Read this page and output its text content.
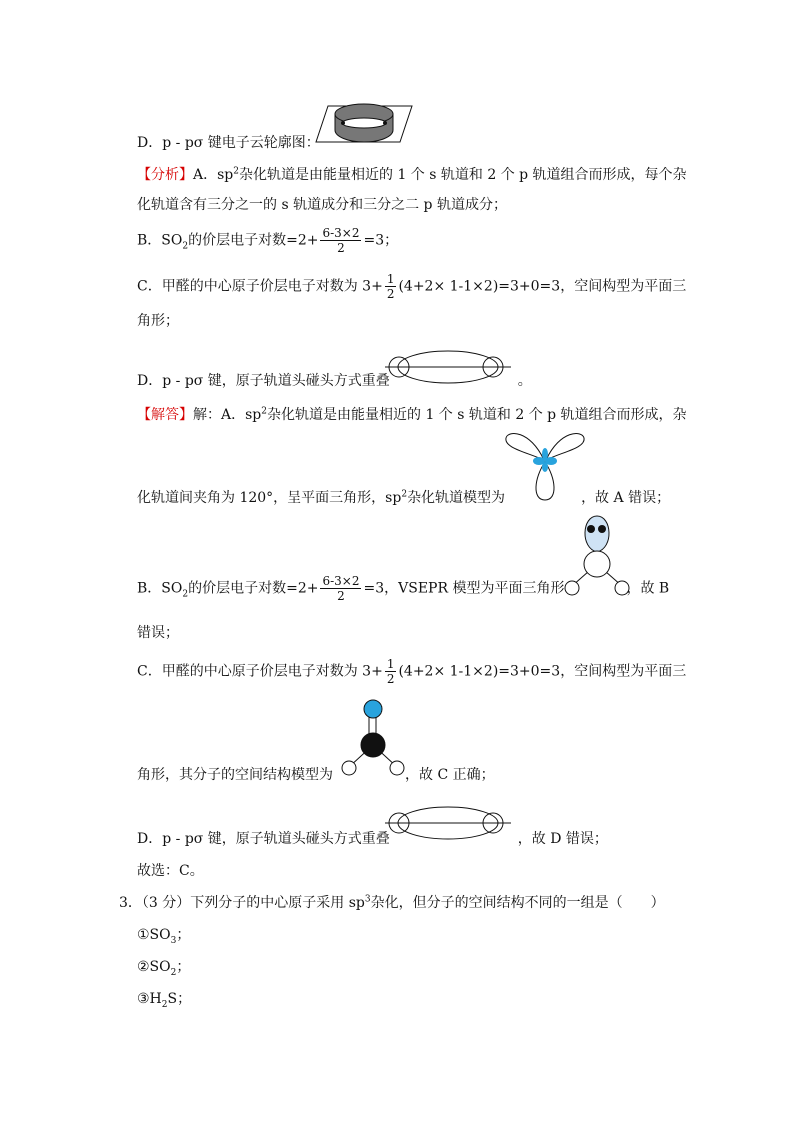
D．p - pσ 键电子云轮廓图：
【分析】A．$sp^2$杂化轨道是由能量相近的 1 个 s 轨道和 2 个 p 轨道组合而形成，每个杂
化轨道含有三分之一的 s 轨道成分和三分之二 p 轨道成分；
B．$SO_2$的价层电子对数$=2+ \frac{6-3\times 2}{2} =3$；
C．甲醛的中心原子价层电子对数为 $3+ \frac{1}{2} (4+2\times 1-1\times 2)=3+0=3$，空间构型为平面三
角形；
D．p - pσ 键，原子轨道头碰头方式重叠	。
【解答】解：A．$sp^2$杂化轨道是由能量相近的 1 个 s 轨道和 2 个 p 轨道组合而形成，杂
化轨道间夹角为 120°，呈平面三角形，$sp^2$杂化轨道模型为	，故 A 错误；
B．$SO_2$的价层电子对数$=2+ \frac{6-3\times 2}{2} =3$，VSEPR 模型为平面三角形	，故 B
错误；
C．甲醛的中心原子价层电子对数为 $3+ \frac{1}{2} (4+2\times 1-1\times 2)=3+0=3$，空间构型为平面三
角形，其分子的空间结构模型为	，故 C 正确；
D．p - pσ 键，原子轨道头碰头方式重叠	，故 D 错误；
故选：C。
3．（3 分）下列分子的中心原子采用 $sp^3$杂化，但分子的空间结构不同的一组是（　　）
$①SO_3$；
$②SO_2$；
$③H_2S$；
